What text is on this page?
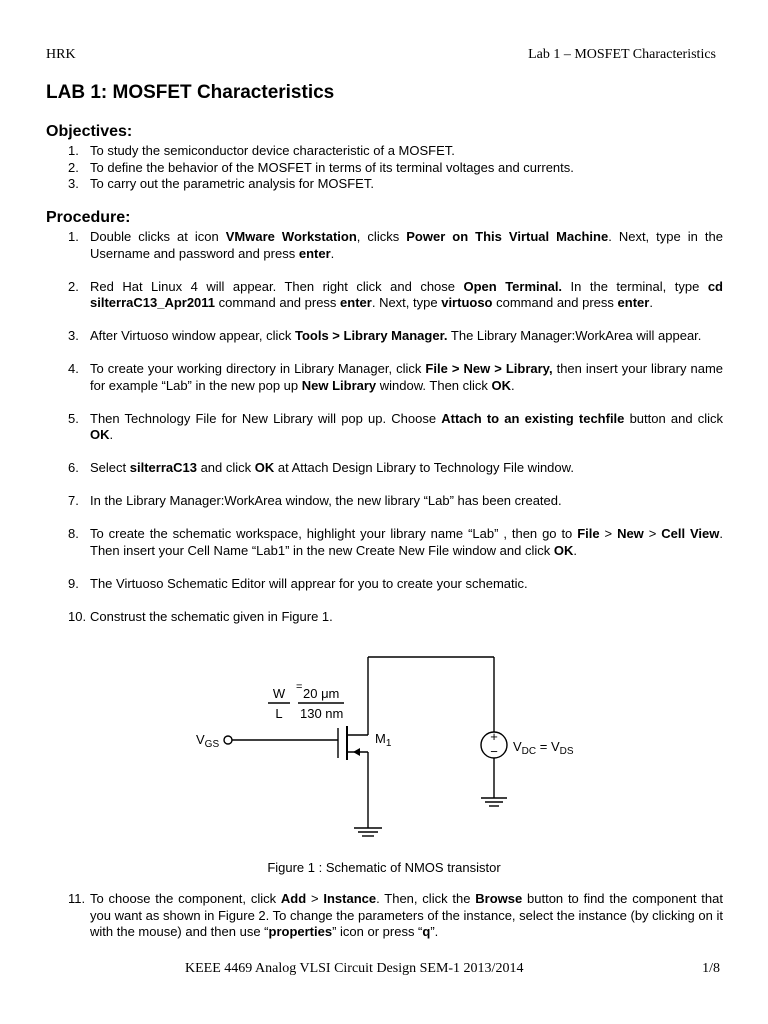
HRK	Lab 1 – MOSFET Characteristics
LAB 1: MOSFET Characteristics
Objectives:
1. To study the semiconductor device characteristic of a MOSFET.
2. To define the behavior of the MOSFET in terms of its terminal voltages and currents.
3. To carry out the parametric analysis for MOSFET.
Procedure:
1. Double clicks at icon VMware Workstation, clicks Power on This Virtual Machine. Next, type in the Username and password and press enter.
2. Red Hat Linux 4 will appear. Then right click and chose Open Terminal. In the terminal, type cd silterraC13_Apr2011 command and press enter. Next, type virtuoso command and press enter.
3. After Virtuoso window appear, click Tools > Library Manager. The Library Manager:WorkArea will appear.
4. To create your working directory in Library Manager, click File > New > Library, then insert your library name for example “Lab” in the new pop up New Library window. Then click OK.
5. Then Technology File for New Library will pop up. Choose Attach to an existing techfile button and click OK.
6. Select silterraC13 and click OK at Attach Design Library to Technology File window.
7. In the Library Manager:WorkArea window, the new library “Lab” has been created.
8. To create the schematic workspace, highlight your library name “Lab” , then go to File > New > Cell View. Then insert your Cell Name “Lab1” in the new Create New File window and click OK.
9. The Virtuoso Schematic Editor will apprear for you to create your schematic.
10. Construst the schematic given in Figure 1.
W
L
= 20 μm
130 nm
$V_{GS}$	$M_1$	+
− $V_{DC} = V_{DS}$
Figure 1 : Schematic of NMOS transistor
11. To choose the component, click Add > Instance. Then, click the Browse button to find the component that you want as shown in Figure 2. To change the parameters of the instance, select the instance (by clicking on it with the mouse) and then use “properties” icon or press “q”.
KEEE 4469 Analog VLSI Circuit Design SEM-1 2013/2014	1/8
